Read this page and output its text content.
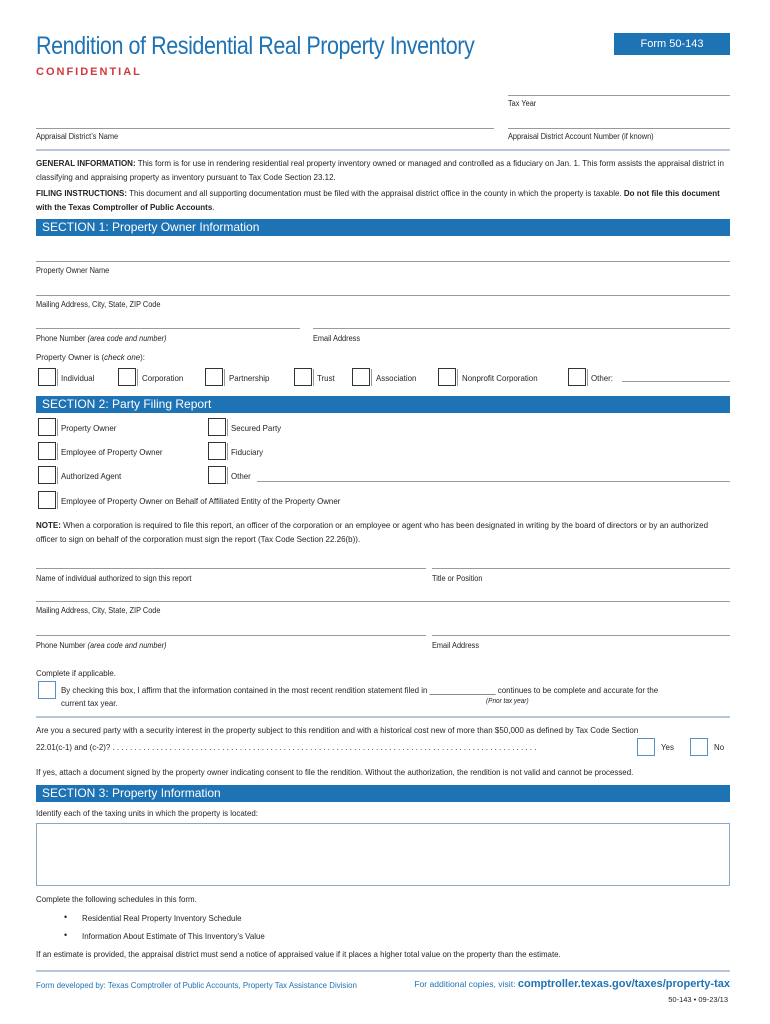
Rendition of Residential Real Property Inventory	Form 50-143
CONFIDENTIAL
Tax Year
Appraisal District’s Name	Appraisal District Account Number (if known)
GENERAL INFORMATION: This form is for use in rendering residential real property inventory owned or managed and controlled as a fiduciary on Jan. 1. This form assists the appraisal district in classifying and appraising property as inventory pursuant to Tax Code Section 23.12.
FILING INSTRUCTIONS: This document and all supporting documentation must be filed with the appraisal district office in the county in which the property is taxable. Do not file this document with the Texas Comptroller of Public Accounts.
SECTION 1: Property Owner Information
Property Owner Name
Mailing Address, City, State, ZIP Code
Phone Number (area code and number)	Email Address
Property Owner is (check one):
Individual	Corporation	Partnership	Trust	Association	Nonprofit Corporation	Other:
SECTION 2: Party Filing Report
Property Owner	Secured Party
Employee of Property Owner	Fiduciary
Authorized Agent	Other
Employee of Property Owner on Behalf of Affiliated Entity of the Property Owner
NOTE: When a corporation is required to file this report, an officer of the corporation or an employee or agent who has been designated in writing by the board of directors or by an authorized officer to sign on behalf of the corporation must sign the report (Tax Code Section 22.26(b)).
Name of individual authorized to sign this report	Title or Position
Mailing Address, City, State, ZIP Code
Phone Number (area code and number)	Email Address
Complete if applicable.
By checking this box, I affirm that the information contained in the most recent rendition statement filed in _______________ continues to be complete and accurate for the
current tax year.	(Prior tax year)
Are you a secured party with a security interest in the property subject to this rendition and with a historical cost new of more than $50,000 as defined by Tax Code Section
22.01(c-1) and (c-2)? . . . . . . . . . . . . . . . . . . . . . . . . . . . . . . . . . . . . . . . . . . . . . . . . . . . . . . . . . . . . . . . . . . . . . . . . . . . . . . . . . . . . . . . . . . . . . . . . .	Yes	No
If yes, attach a document signed by the property owner indicating consent to file the rendition. Without the authorization, the rendition is not valid and cannot be processed.
SECTION 3: Property Information
Identify each of the taxing units in which the property is located:
Complete the following schedules in this form.
• Residential Real Property Inventory Schedule
• Information About Estimate of This Inventory’s Value
If an estimate is provided, the appraisal district must send a notice of appraised value if it places a higher total value on the property than the estimate.
Form developed by: Texas Comptroller of Public Accounts, Property Tax Assistance Division	For additional copies, visit: comptroller.texas.gov/taxes/property-tax
50-143 • 09-23/13
